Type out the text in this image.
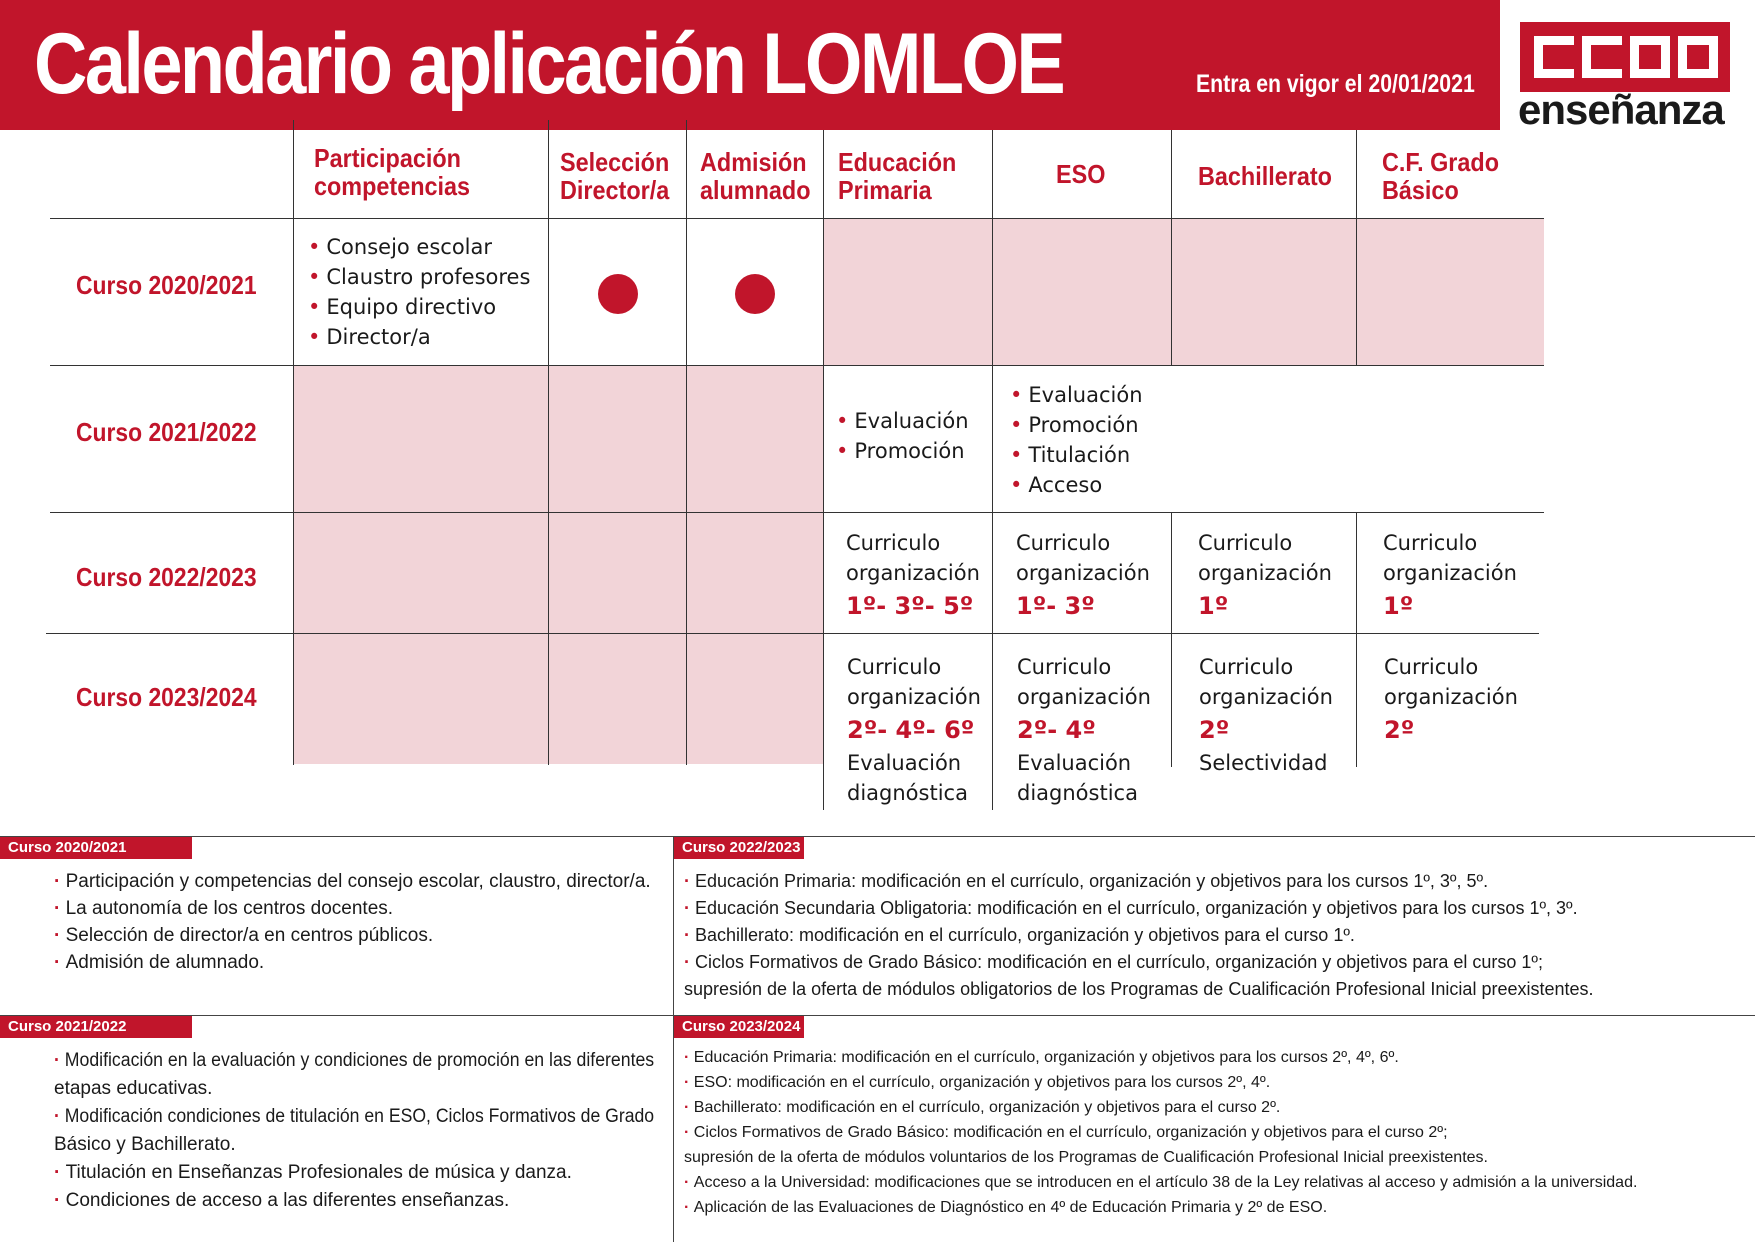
Calendario aplicación LOMLOE	Entra en vigor el 20/01/2021
enseñanza
Participación
competencias
Selección
Director/a
Admisión
alumnado
Educación
Primaria
ESO	Bachillerato C.F. Grado
Básico
Curso 2020/2021
Curso 2021/2022
Curso 2022/2023
Curso 2023/2024
• Consejo escolar
• Claustro profesores
• Equipo directivo
• Director/a
• Evaluación
• Promoción
• Evaluación
• Promoción
• Titulación
• Acceso
Curriculo
organización
1º- 3º- 5º
Curriculo
organización
1º- 3º
Curriculo
organización
1º
Curriculo
organización
1º
Curriculo
organización
2º- 4º- 6º
Evaluación
diagnóstica
Curriculo
organización
2º- 4º
Evaluación
diagnóstica
Curriculo
organización
2º
Selectividad
Curriculo
organización
2º
Curso 2020/2021
· Participación y competencias del consejo escolar, claustro, director/a.
· La autonomía de los centros docentes.
· Selección de director/a en centros públicos.
· Admisión de alumnado.
Curso 2021/2022
· Modificación en la evaluación y condiciones de promoción en las diferentes
etapas educativas.
· Modificación condiciones de titulación en ESO, Ciclos Formativos de Grado
Básico y Bachillerato.
· Titulación en Enseñanzas Profesionales de música y danza.
· Condiciones de acceso a las diferentes enseñanzas.
Curso 2022/2023
· Educación Primaria: modificación en el currículo, organización y objetivos para los cursos 1º, 3º, 5º.
· Educación Secundaria Obligatoria: modificación en el currículo, organización y objetivos para los cursos 1º, 3º.
· Bachillerato: modificación en el currículo, organización y objetivos para el curso 1º.
· Ciclos Formativos de Grado Básico: modificación en el currículo, organización y objetivos para el curso 1º;
supresión de la oferta de módulos obligatorios de los Programas de Cualificación Profesional Inicial preexistentes.
Curso 2023/2024
· Educación Primaria: modificación en el currículo, organización y objetivos para los cursos 2º, 4º, 6º.
· ESO: modificación en el currículo, organización y objetivos para los cursos 2º, 4º.
· Bachillerato: modificación en el currículo, organización y objetivos para el curso 2º.
· Ciclos Formativos de Grado Básico: modificación en el currículo, organización y objetivos para el curso 2º;
supresión de la oferta de módulos voluntarios de los Programas de Cualificación Profesional Inicial preexistentes.
· Acceso a la Universidad: modificaciones que se introducen en el artículo 38 de la Ley relativas al acceso y admisión a la universidad.
· Aplicación de las Evaluaciones de Diagnóstico en 4º de Educación Primaria y 2º de ESO.
